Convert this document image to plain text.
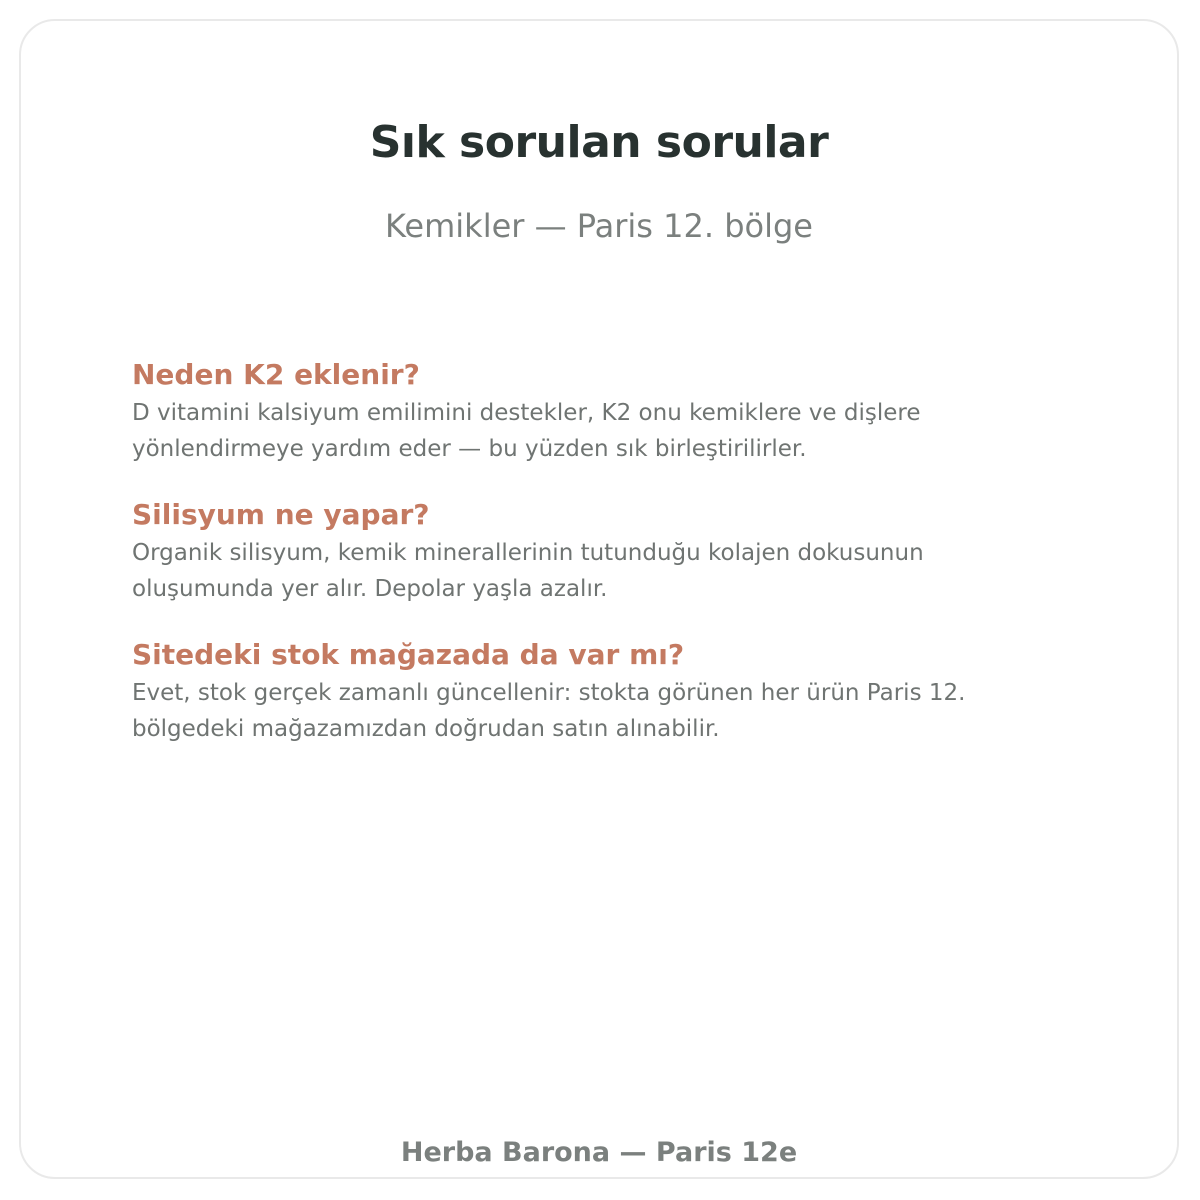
Sık sorulan sorular

Kemikler — Paris 12. bölge

Neden K2 eklenir?

D vitamini kalsiyum emilimini destekler, K2 onu kemiklere ve dişlere yönlendirmeye yardım eder — bu yüzden sık birleştirilirler.

Silisyum ne yapar?

Organik silisyum, kemik minerallerinin tutunduğu kolajen dokusunun oluşumunda yer alır. Depolar yaşla azalır.

Sitedeki stok mağazada da var mı?

Evet, stok gerçek zamanlı güncellenir: stokta görünen her ürün Paris 12. bölgedeki mağazamızdan doğrudan satın alınabilir.

Herba Barona — Paris 12e
